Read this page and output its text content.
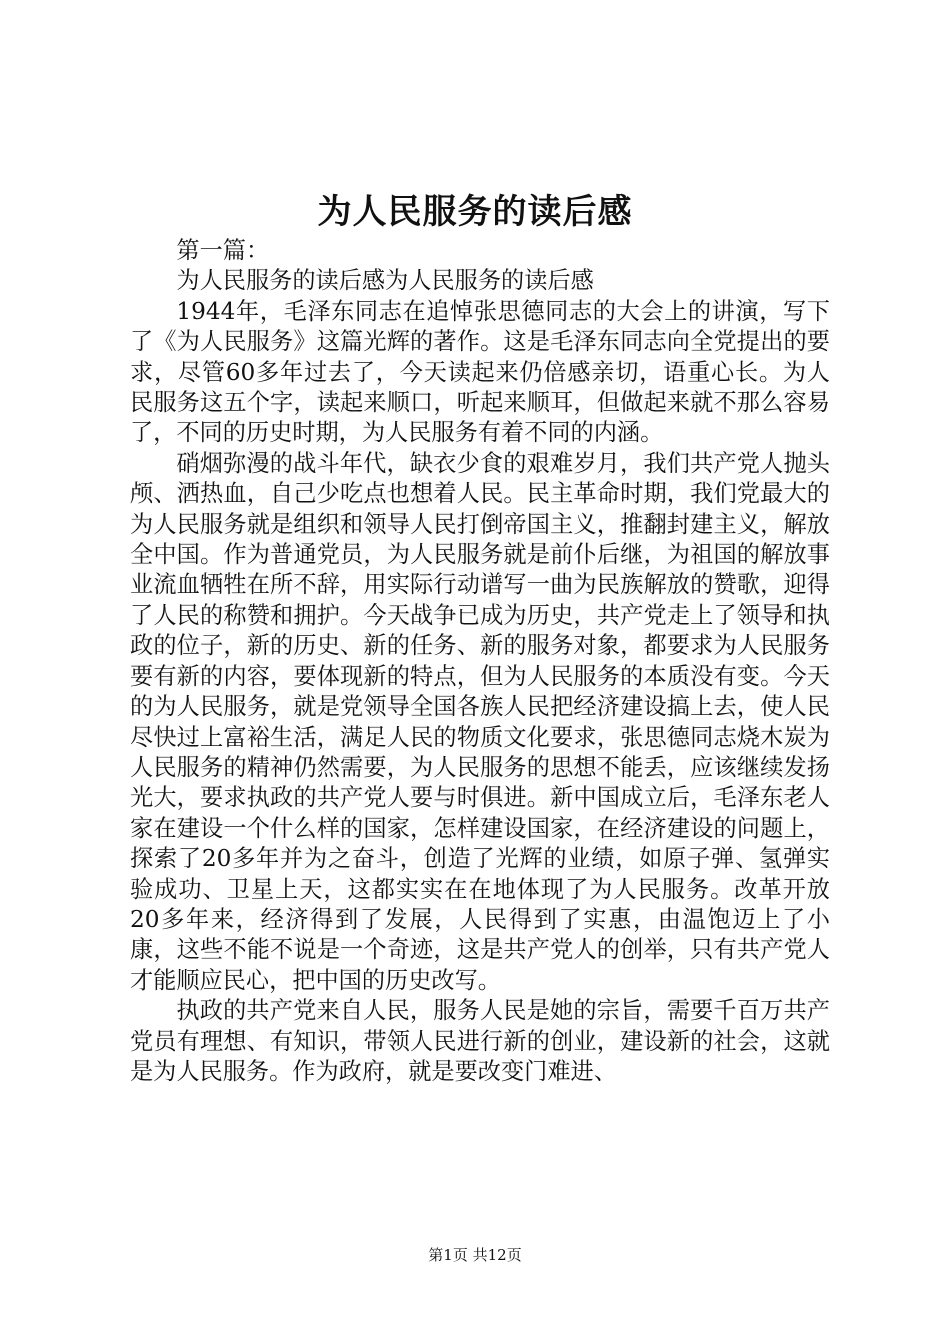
为人民服务的读后感

第一篇：

为人民服务的读后感为人民服务的读后感

1944年，毛泽东同志在追悼张思德同志的大会上的讲演，写下了《为人民服务》这篇光辉的著作。这是毛泽东同志向全党提出的要求，尽管60多年过去了，今天读起来仍倍感亲切，语重心长。为人民服务这五个字，读起来顺口，听起来顺耳，但做起来就不那么容易了，不同的历史时期，为人民服务有着不同的内涵。

硝烟弥漫的战斗年代，缺衣少食的艰难岁月，我们共产党人抛头颅、洒热血，自己少吃点也想着人民。民主革命时期，我们党最大的为人民服务就是组织和领导人民打倒帝国主义，推翻封建主义，解放全中国。作为普通党员，为人民服务就是前仆后继，为祖国的解放事业流血牺牲在所不辞，用实际行动谱写一曲为民族解放的赞歌，迎得了人民的称赞和拥护。今天战争已成为历史，共产党走上了领导和执政的位子，新的历史、新的任务、新的服务对象，都要求为人民服务要有新的内容，要体现新的特点，但为人民服务的本质没有变。今天的为人民服务，就是党领导全国各族人民把经济建设搞上去，使人民尽快过上富裕生活，满足人民的物质文化要求，张思德同志烧木炭为人民服务的精神仍然需要，为人民服务的思想不能丢，应该继续发扬光大，要求执政的共产党人要与时俱进。新中国成立后，毛泽东老人家在建设一个什么样的国家，怎样建设国家，在经济建设的问题上，探索了20多年并为之奋斗，创造了光辉的业绩，如原子弹、氢弹实验成功、卫星上天，这都实实在在地体现了为人民服务。改革开放20多年来，经济得到了发展，人民得到了实惠，由温饱迈上了小康，这些不能不说是一个奇迹，这是共产党人的创举，只有共产党人才能顺应民心，把中国的历史改写。

执政的共产党来自人民，服务人民是她的宗旨，需要千百万共产党员有理想、有知识，带领人民进行新的创业，建设新的社会，这就是为人民服务。作为政府，就是要改变门难进、

第1页 共12页
